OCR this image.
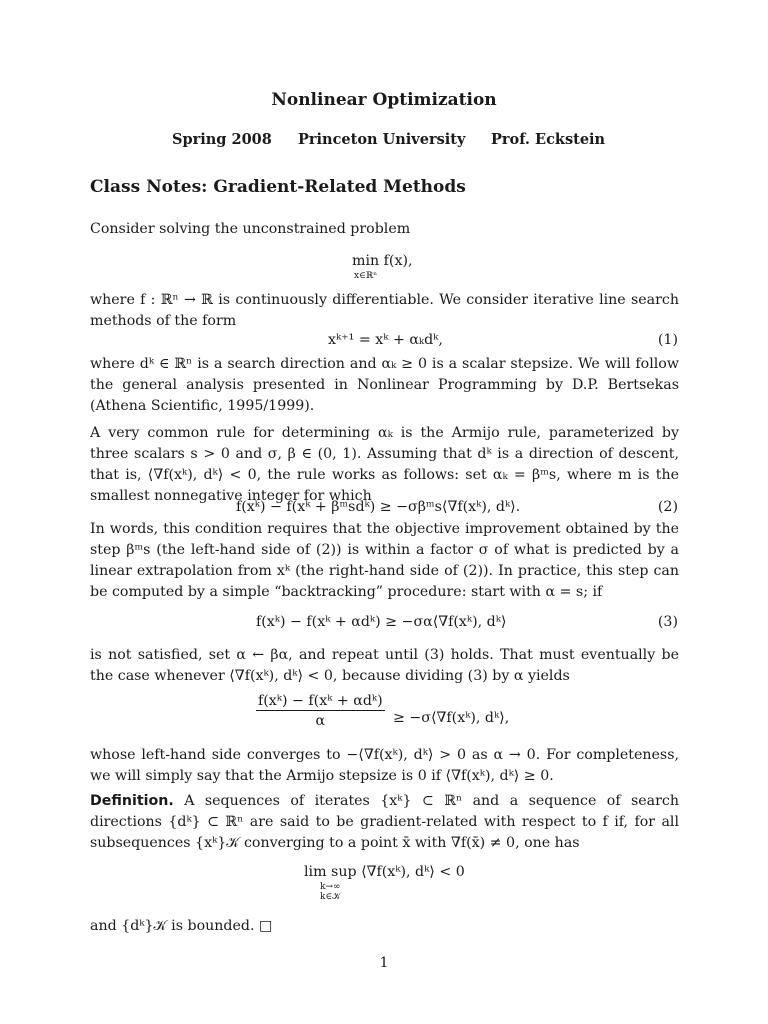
Nonlinear Optimization
Spring 2008 Princeton University Prof. Eckstein
Class Notes: Gradient-Related Methods
Consider solving the unconstrained problem
min
x∈ℝⁿ
f(x),
where f : ℝⁿ → ℝ is continuously differentiable. We consider iterative line search methods of the form
xᵏ⁺¹ = xᵏ + αₖdᵏ,	(1)
where dᵏ ∈ ℝⁿ is a search direction and αₖ ≥ 0 is a scalar stepsize. We will follow the general analysis presented in Nonlinear Programming by D.P. Bertsekas (Athena Scientific, 1995/1999).
A very common rule for determining αₖ is the Armijo rule, parameterized by three scalars s > 0 and σ, β ∈ (0, 1). Assuming that dᵏ is a direction of descent, that is, ⟨∇f(xᵏ), dᵏ⟩ < 0, the rule works as follows: set αₖ = βᵐs, where m is the smallest nonnegative integer for which
f(xᵏ) − f(xᵏ + βᵐsdᵏ) ≥ −σβᵐs⟨∇f(xᵏ), dᵏ⟩.	(2)
In words, this condition requires that the objective improvement obtained by the step βᵐs (the left-hand side of (2)) is within a factor σ of what is predicted by a linear extrapolation from xᵏ (the right-hand side of (2)). In practice, this step can be computed by a simple “backtracking” procedure: start with α = s; if
f(xᵏ) − f(xᵏ + αdᵏ) ≥ −σα⟨∇f(xᵏ), dᵏ⟩	(3)
is not satisfied, set α ← βα, and repeat until (3) holds. That must eventually be the case whenever ⟨∇f(xᵏ), dᵏ⟩ < 0, because dividing (3) by α yields
f(xᵏ) − f(xᵏ + αdᵏ)
α	≥ −σ⟨∇f(xᵏ), dᵏ⟩,
whose left-hand side converges to −⟨∇f(xᵏ), dᵏ⟩ > 0 as α → 0. For completeness, we will simply say that the Armijo stepsize is 0 if ⟨∇f(xᵏ), dᵏ⟩ ≥ 0.
Definition. A sequences of iterates {xᵏ} ⊂ ℝⁿ and a sequence of search directions {dᵏ} ⊂ ℝⁿ are said to be gradient-related with respect to f if, for all subsequences {xᵏ}𝒦 converging to a point x̄ with ∇f(x̄) ≠ 0, one has
lim sup
k→∞
k∈𝒦
⟨∇f(xᵏ), dᵏ⟩ < 0
and {dᵏ}𝒦 is bounded. □
1
